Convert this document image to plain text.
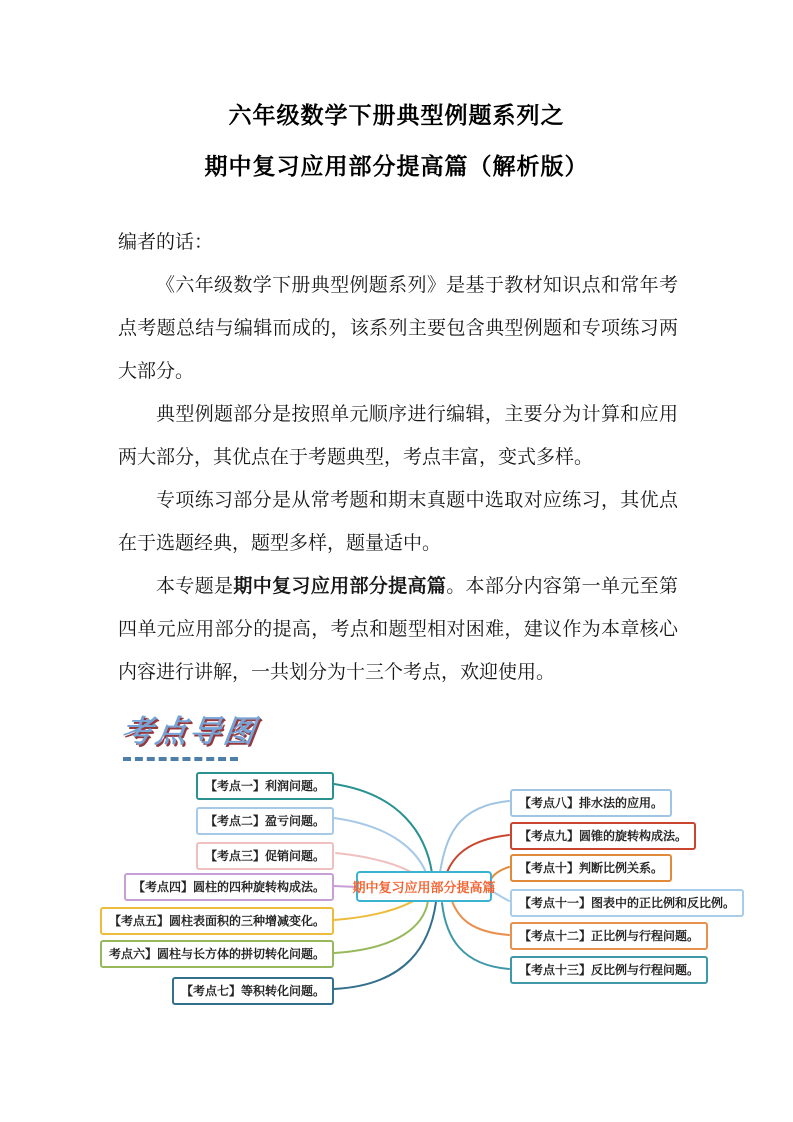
六年级数学下册典型例题系列之

期中复习应用部分提高篇（解析版）

编者的话：

《六年级数学下册典型例题系列》是基于教材知识点和常年考点考题总结与编辑而成的，该系列主要包含典型例题和专项练习两大部分。

典型例题部分是按照单元顺序进行编辑，主要分为计算和应用两大部分，其优点在于考题典型，考点丰富，变式多样。

专项练习部分是从常考题和期末真题中选取对应练习，其优点在于选题经典，题型多样，题量适中。

本专题是期中复习应用部分提高篇。本部分内容第一单元至第四单元应用部分的提高，考点和题型相对困难，建议作为本章核心内容进行讲解，一共划分为十三个考点，欢迎使用。

考点导图
期中复习应用部分提高篇
【考点一】利润问题。
【考点二】盈亏问题。
【考点三】促销问题。
【考点四】圆柱的四种旋转构成法。
【考点五】圆柱表面积的三种增减变化。
考点六】圆柱与长方体的拼切转化问题。
【考点七】等积转化问题。
【考点八】排水法的应用。
【考点九】圆锥的旋转构成法。
【考点十】判断比例关系。
【考点十一】图表中的正比例和反比例。
【考点十二】正比例与行程问题。
【考点十三】反比例与行程问题。
